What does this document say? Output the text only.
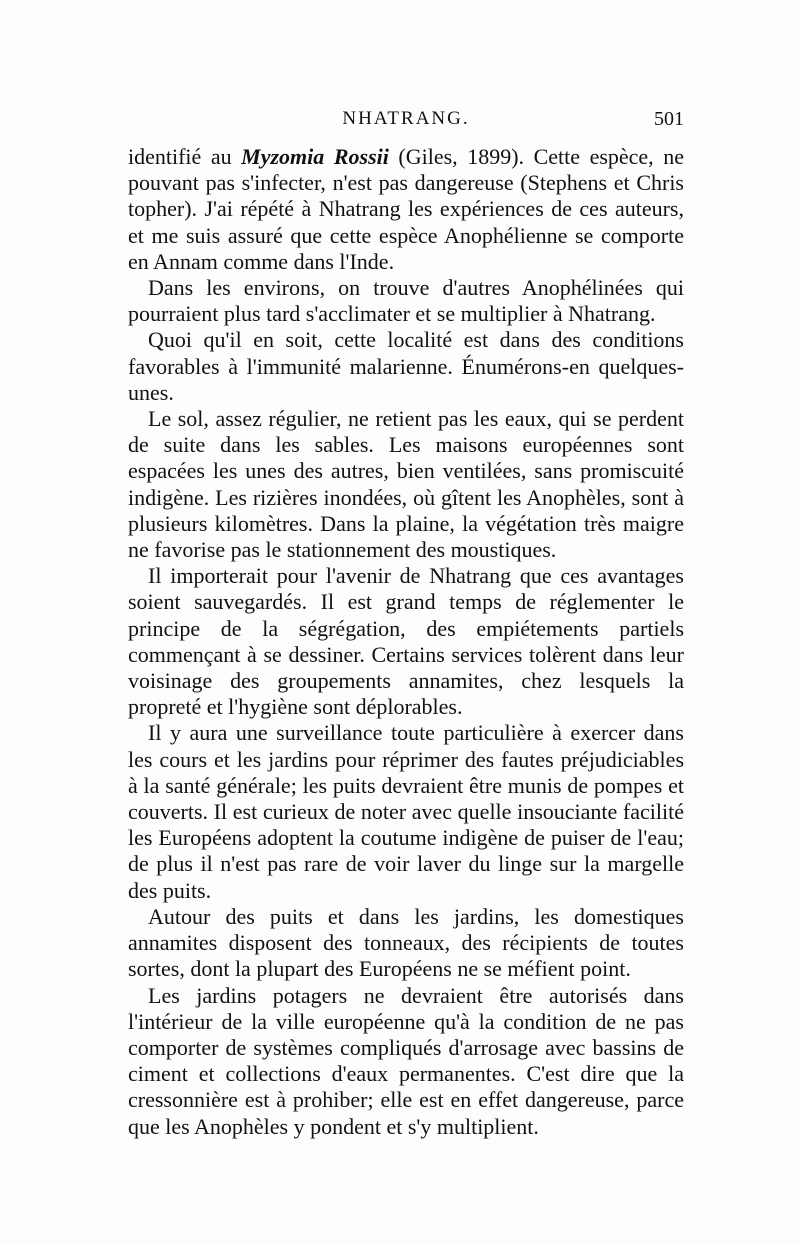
NHATRANG.	501

identifié au Myzomia Rossii (Giles, 1899). Cette espèce, ne pouvant pas s'infecter, n'est pas dangereuse (Stephens et Chris topher). J'ai répété à Nhatrang les expériences de ces auteurs, et me suis assuré que cette espèce Anophélienne se comporte en Annam comme dans l'Inde.

Dans les environs, on trouve d'autres Anophélinées qui pourraient plus tard s'acclimater et se multiplier à Nhatrang.

Quoi qu'il en soit, cette localité est dans des conditions favorables à l'immunité malarienne. Énumérons-en quelques-unes.

Le sol, assez régulier, ne retient pas les eaux, qui se perdent de suite dans les sables. Les maisons européennes sont espacées les unes des autres, bien ventilées, sans promiscuité indigène. Les rizières inondées, où gîtent les Anophèles, sont à plusieurs kilomètres. Dans la plaine, la végétation très maigre ne favorise pas le stationnement des moustiques.

Il importerait pour l'avenir de Nhatrang que ces avantages soient sauvegardés. Il est grand temps de réglementer le principe de la ségrégation, des empiétements partiels commençant à se dessiner. Certains services tolèrent dans leur voisinage des groupements annamites, chez lesquels la propreté et l'hygiène sont déplorables.

Il y aura une surveillance toute particulière à exercer dans les cours et les jardins pour réprimer des fautes préjudiciables à la santé générale; les puits devraient être munis de pompes et couverts. Il est curieux de noter avec quelle insouciante facilité les Européens adoptent la coutume indigène de puiser de l'eau; de plus il n'est pas rare de voir laver du linge sur la margelle des puits.

Autour des puits et dans les jardins, les domestiques annamites disposent des tonneaux, des récipients de toutes sortes, dont la plupart des Européens ne se méfient point.

Les jardins potagers ne devraient être autorisés dans l'intérieur de la ville européenne qu'à la condition de ne pas comporter de systèmes compliqués d'arrosage avec bassins de ciment et collections d'eaux permanentes. C'est dire que la cressonnière est à prohiber; elle est en effet dangereuse, parce que les Anophèles y pondent et s'y multiplient.
